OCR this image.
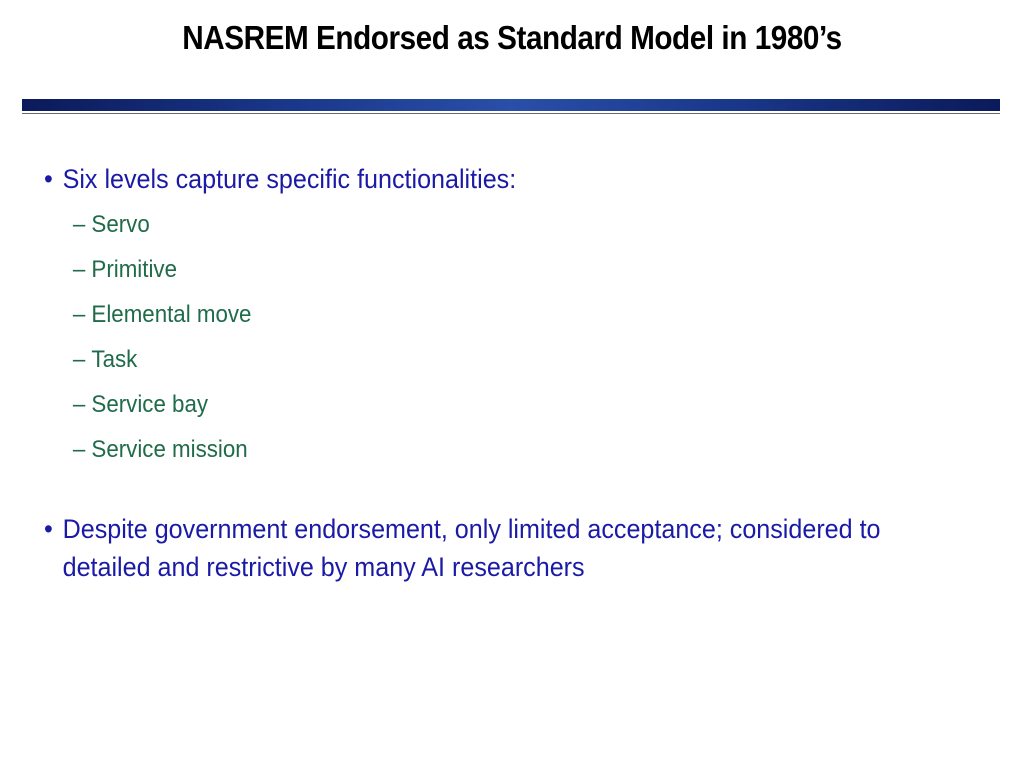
NASREM Endorsed as Standard Model in 1980’s
• Six levels capture specific functionalities:
– Servo
– Primitive
– Elemental move
– Task
– Service bay
– Service mission
• Despite government endorsement, only limited acceptance; considered to detailed and restrictive by many AI researchers
